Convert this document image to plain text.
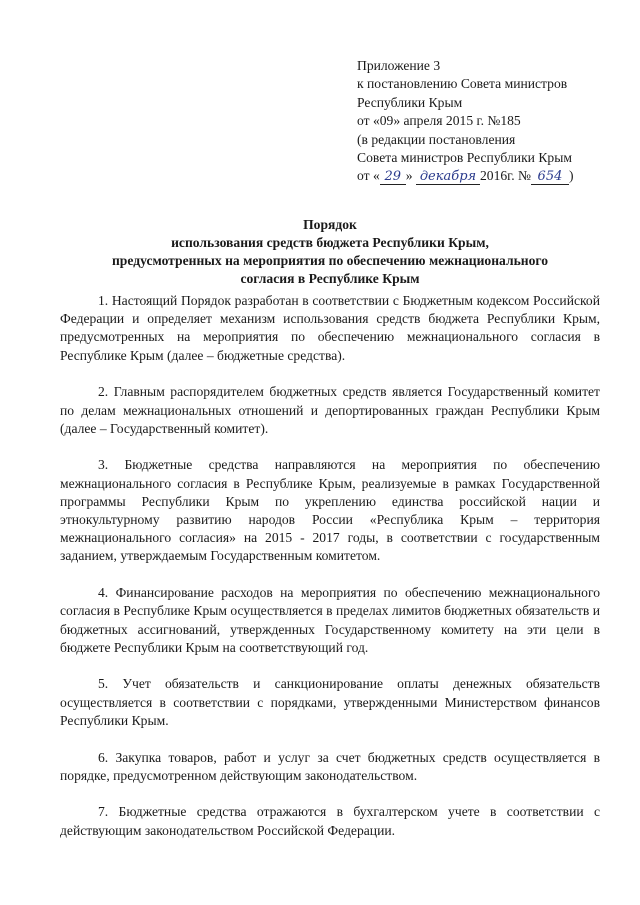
Приложение 3
к постановлению Совета министров
Республики Крым
от «09» апреля 2015 г. №185
(в редакции постановления
Совета министров Республики Крым
от « 29 » декабря 2016г. № 654 )
Порядок
использования средств бюджета Республики Крым,
предусмотренных на мероприятия по обеспечению межнационального
согласия в Республике Крым

1. Настоящий Порядок разработан в соответствии с Бюджетным кодексом Российской Федерации и определяет механизм использования средств бюджета Республики Крым, предусмотренных на мероприятия по обеспечению межнационального согласия в Республике Крым (далее – бюджетные средства).

2. Главным распорядителем бюджетных средств является Государственный комитет по делам межнациональных отношений и депортированных граждан Республики Крым (далее – Государственный комитет).

3. Бюджетные средства направляются на мероприятия по обеспечению межнационального согласия в Республике Крым, реализуемые в рамках Государственной программы Республики Крым по укреплению единства российской нации и этнокультурному развитию народов России «Республика Крым – территория межнационального согласия» на 2015 - 2017 годы, в соответствии с государственным заданием, утверждаемым Государственным комитетом.

4. Финансирование расходов на мероприятия по обеспечению межнационального согласия в Республике Крым осуществляется в пределах лимитов бюджетных обязательств и бюджетных ассигнований, утвержденных Государственному комитету на эти цели в бюджете Республики Крым на соответствующий год.

5. Учет обязательств и санкционирование оплаты денежных обязательств осуществляется в соответствии с порядками, утвержденными Министерством финансов Республики Крым.

6. Закупка товаров, работ и услуг за счет бюджетных средств осуществляется в порядке, предусмотренном действующим законодательством.

7. Бюджетные средства отражаются в бухгалтерском учете в соответствии с действующим законодательством Российской Федерации.
